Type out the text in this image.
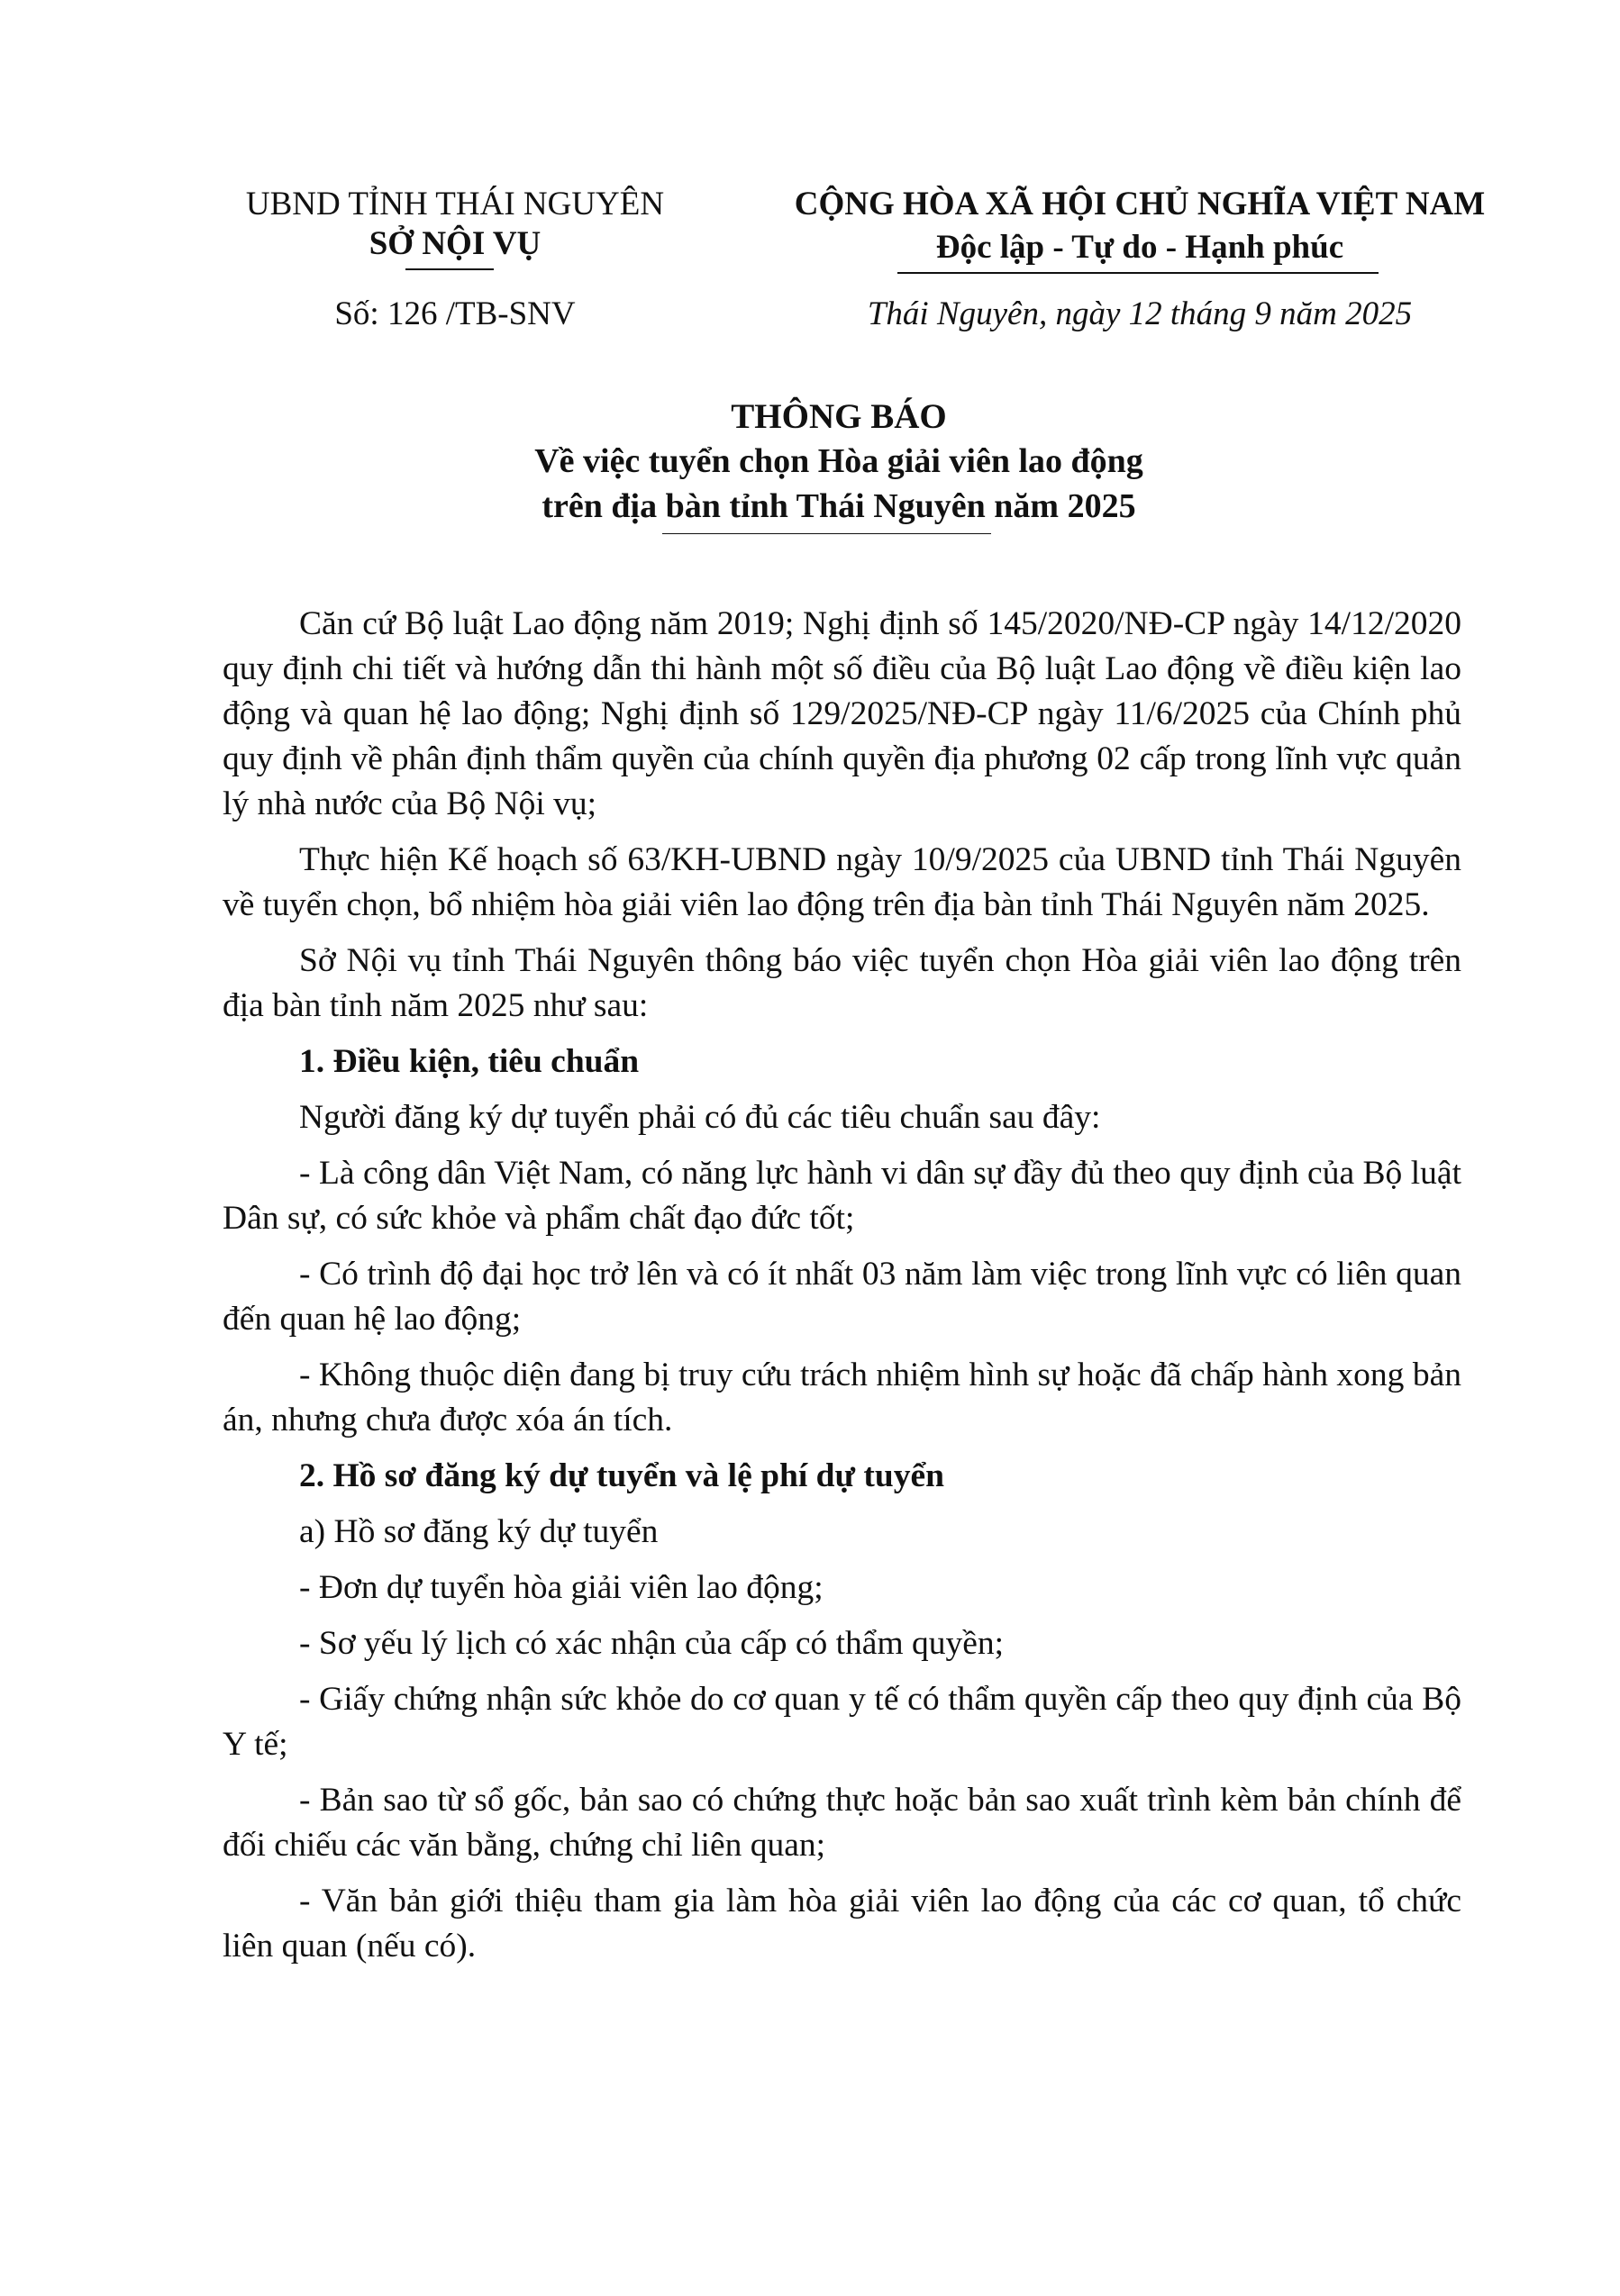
UBND TỈNH THÁI NGUYÊN
SỞ NỘI VỤ
Số: 126 /TB-SNV
CỘNG HÒA XÃ HỘI CHỦ NGHĨA VIỆT NAM
Độc lập - Tự do - Hạnh phúc
Thái Nguyên, ngày 12 tháng 9 năm 2025
THÔNG BÁO
Về việc tuyển chọn Hòa giải viên lao động
trên địa bàn tỉnh Thái Nguyên năm 2025

Căn cứ Bộ luật Lao động năm 2019; Nghị định số 145/2020/NĐ-CP ngày 14/12/2020 quy định chi tiết và hướng dẫn thi hành một số điều của Bộ luật Lao động về điều kiện lao động và quan hệ lao động; Nghị định số 129/2025/NĐ-CP ngày 11/6/2025 của Chính phủ quy định về phân định thẩm quyền của chính quyền địa phương 02 cấp trong lĩnh vực quản lý nhà nước của Bộ Nội vụ;

Thực hiện Kế hoạch số 63/KH-UBND ngày 10/9/2025 của UBND tỉnh Thái Nguyên về tuyển chọn, bổ nhiệm hòa giải viên lao động trên địa bàn tỉnh Thái Nguyên năm 2025.

Sở Nội vụ tỉnh Thái Nguyên thông báo việc tuyển chọn Hòa giải viên lao động trên địa bàn tỉnh năm 2025 như sau:

1. Điều kiện, tiêu chuẩn

Người đăng ký dự tuyển phải có đủ các tiêu chuẩn sau đây:

- Là công dân Việt Nam, có năng lực hành vi dân sự đầy đủ theo quy định của Bộ luật Dân sự, có sức khỏe và phẩm chất đạo đức tốt;

- Có trình độ đại học trở lên và có ít nhất 03 năm làm việc trong lĩnh vực có liên quan đến quan hệ lao động;

- Không thuộc diện đang bị truy cứu trách nhiệm hình sự hoặc đã chấp hành xong bản án, nhưng chưa được xóa án tích.

2. Hồ sơ đăng ký dự tuyển và lệ phí dự tuyển

a) Hồ sơ đăng ký dự tuyển

- Đơn dự tuyển hòa giải viên lao động;

- Sơ yếu lý lịch có xác nhận của cấp có thẩm quyền;

- Giấy chứng nhận sức khỏe do cơ quan y tế có thẩm quyền cấp theo quy định của Bộ Y tế;

- Bản sao từ sổ gốc, bản sao có chứng thực hoặc bản sao xuất trình kèm bản chính để đối chiếu các văn bằng, chứng chỉ liên quan;

- Văn bản giới thiệu tham gia làm hòa giải viên lao động của các cơ quan, tổ chức liên quan (nếu có).
